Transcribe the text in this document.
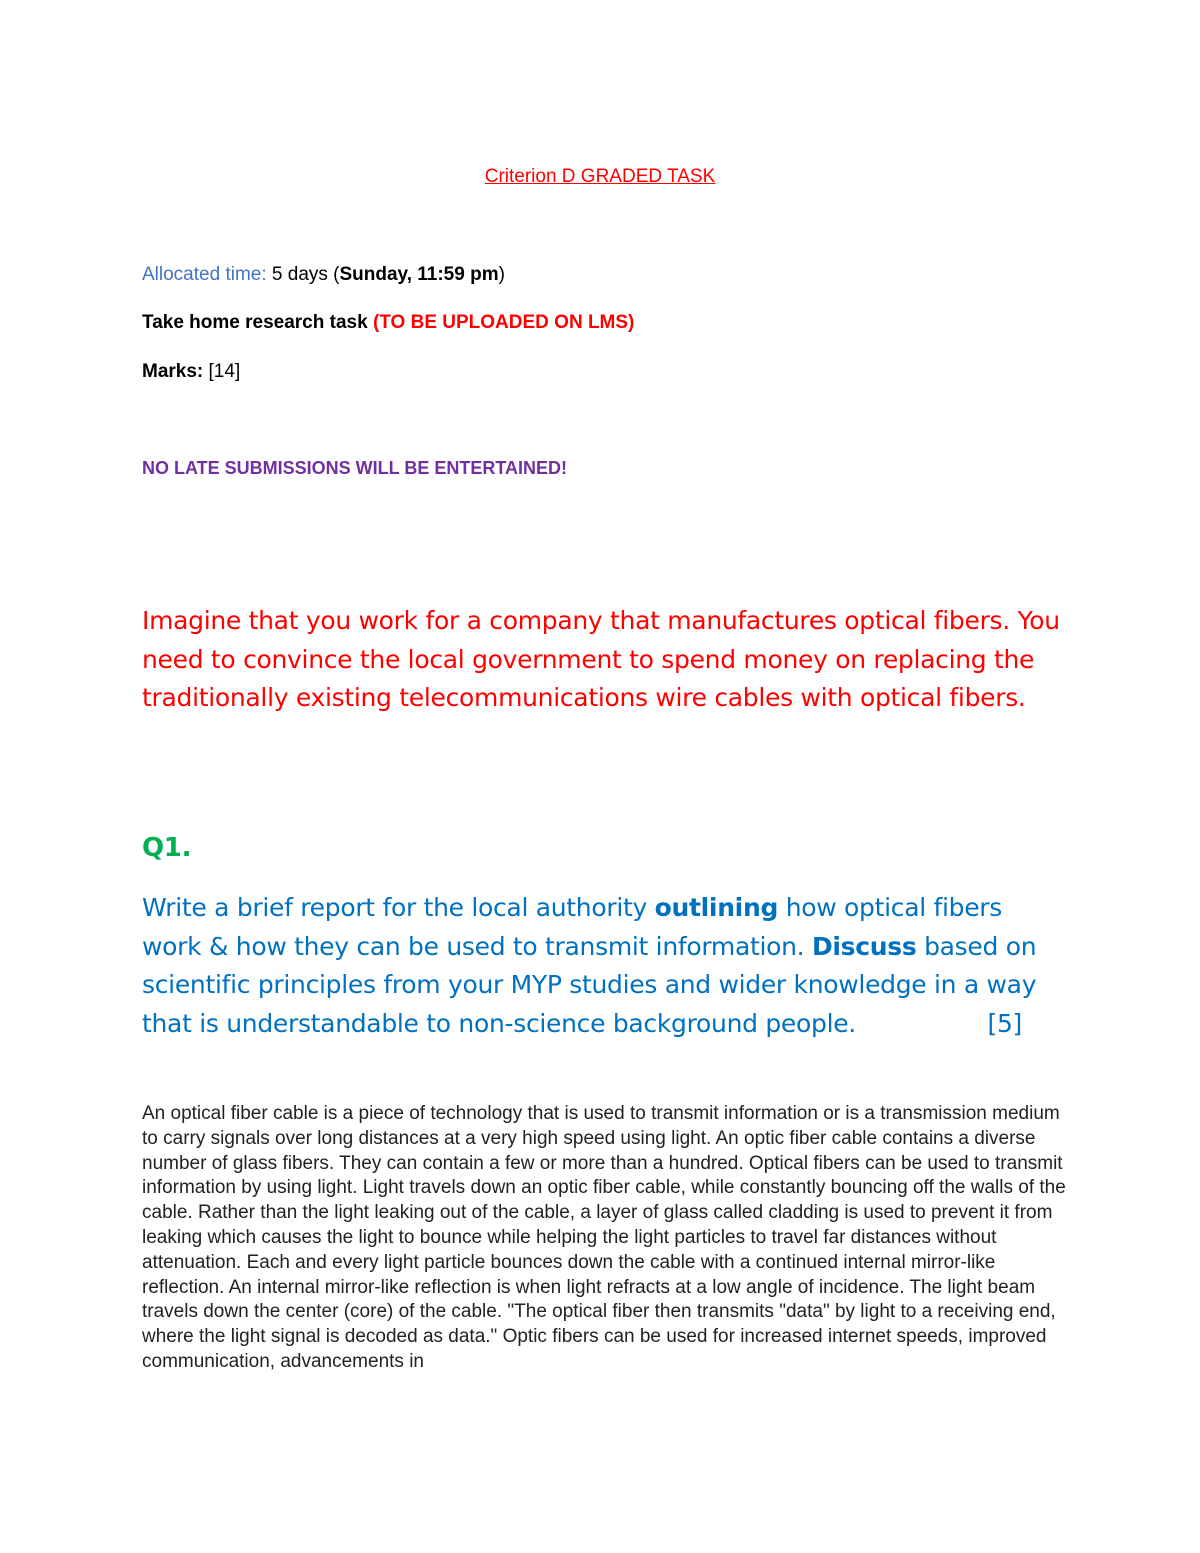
Criterion D GRADED TASK
Allocated time: 5 days (Sunday, 11:59 pm)
Take home research task (TO BE UPLOADED ON LMS)
Marks: [14]
NO LATE SUBMISSIONS WILL BE ENTERTAINED!
Imagine that you work for a company that manufactures optical fibers. You need to convince the local government to spend money on replacing the traditionally existing telecommunications wire cables with optical fibers.
Q1.
Write a brief report for the local authority outlining how optical fibers work & how they can be used to transmit information. Discuss based on scientific principles from your MYP studies and wider knowledge in a way that is understandable to non-science background people.	[5]
An optical fiber cable is a piece of technology that is used to transmit information or is a transmission medium to carry signals over long distances at a very high speed using light. An optic fiber cable contains a diverse number of glass fibers. They can contain a few or more than a hundred. Optical fibers can be used to transmit information by using light. Light travels down an optic fiber cable, while constantly bouncing off the walls of the cable. Rather than the light leaking out of the cable, a layer of glass called cladding is used to prevent it from leaking which causes the light to bounce while helping the light particles to travel far distances without attenuation. Each and every light particle bounces down the cable with a continued internal mirror-like reflection. An internal mirror-like reflection is when light refracts at a low angle of incidence. The light beam travels down the center (core) of the cable. "The optical fiber then transmits "data" by light to a receiving end, where the light signal is decoded as data." Optic fibers can be used for increased internet speeds, improved communication, advancements in
